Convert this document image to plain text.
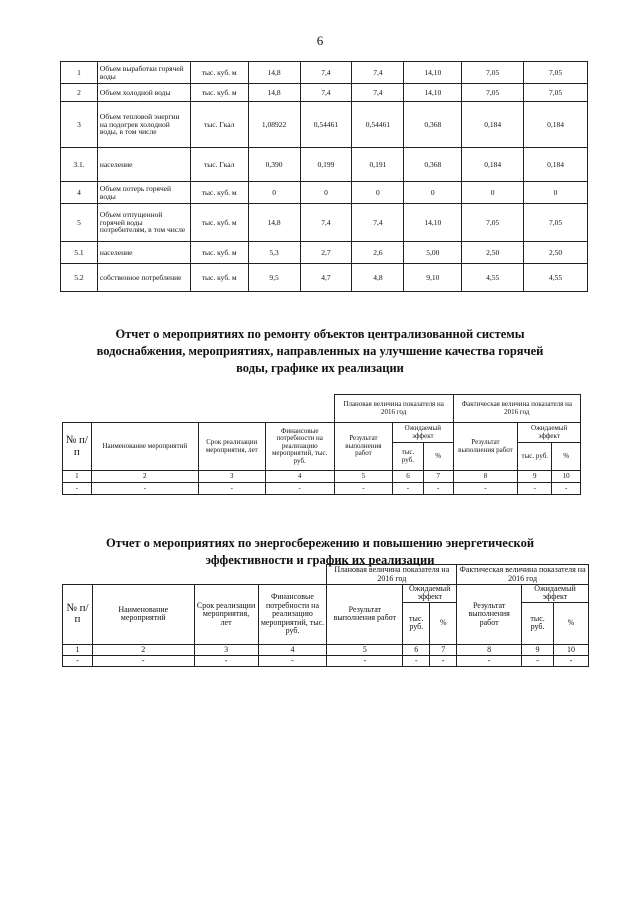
6
1	Объем выработки горячей воды	тыс. куб. м	14,8	7,4	7,4	14,10	7,05	7,05
2	Объем холодной воды	тыс. куб. м	14,8	7,4	7,4	14,10	7,05	7,05
3	Объем тепловой энергии на подогрев холодной воды, в том числе	тыс. Гкал	1,08922	0,54461	0,54461	0,368	0,184	0,184
3.1.	население	тыс. Гкал	0,390	0,199	0,191	0,368	0,184	0,184
4	Объем потерь горячей воды	тыс. куб. м	0	0	0	0	0	0
5	Объем отпущенной горячей воды потребителям, в том числе	тыс. куб. м	14,8	7,4	7,4	14,10	7,05	7,05
5.1	население	тыс. куб. м	5,3	2,7	2,6	5,00	2,50	2,50
5.2	собственное потребление	тыс. куб. м	9,5	4,7	4,8	9,10	4,55	4,55
Отчет о мероприятиях по ремонту объектов централизованной системы
водоснабжения, мероприятиях, направленных на улучшение качества горячей
воды, графике их реализации
				Плановая величина показателя на 2016 год			Фактическая величина показателя на 2016 год		
№ п/п	Наименование мероприятий	Срок реализации мероприятия, лет	Финансовые потребности на реализацию мероприятий, тыс. руб.	Результат выполнения работ	Ожидаемый эффект		Результат выполнения работ	Ожидаемый эффект	
					тыс. руб.	%		тыс. руб.	%
1	2	3	4	5	6	7	8	9	10
-	-	-	-	-	-	-	-	-	-
Отчет о мероприятиях по энергосбережению и повышению энергетической
эффективности и график их реализации
				Плановая величина показателя на 2016 год			Фактическая величина показателя на 2016 год		
№ п/п	Наименование мероприятий	Срок реализации мероприятия, лет	Финансовые потребности на реализацию мероприятий, тыс. руб.	Результат выполнения работ	Ожидаемый эффект		Результат выполнения работ	Ожидаемый эффект	
					тыс. руб.	%		тыс. руб.	%
1	2	3	4	5	6	7	8	9	10
-	-	-	-	-	-	-	-	-	-
